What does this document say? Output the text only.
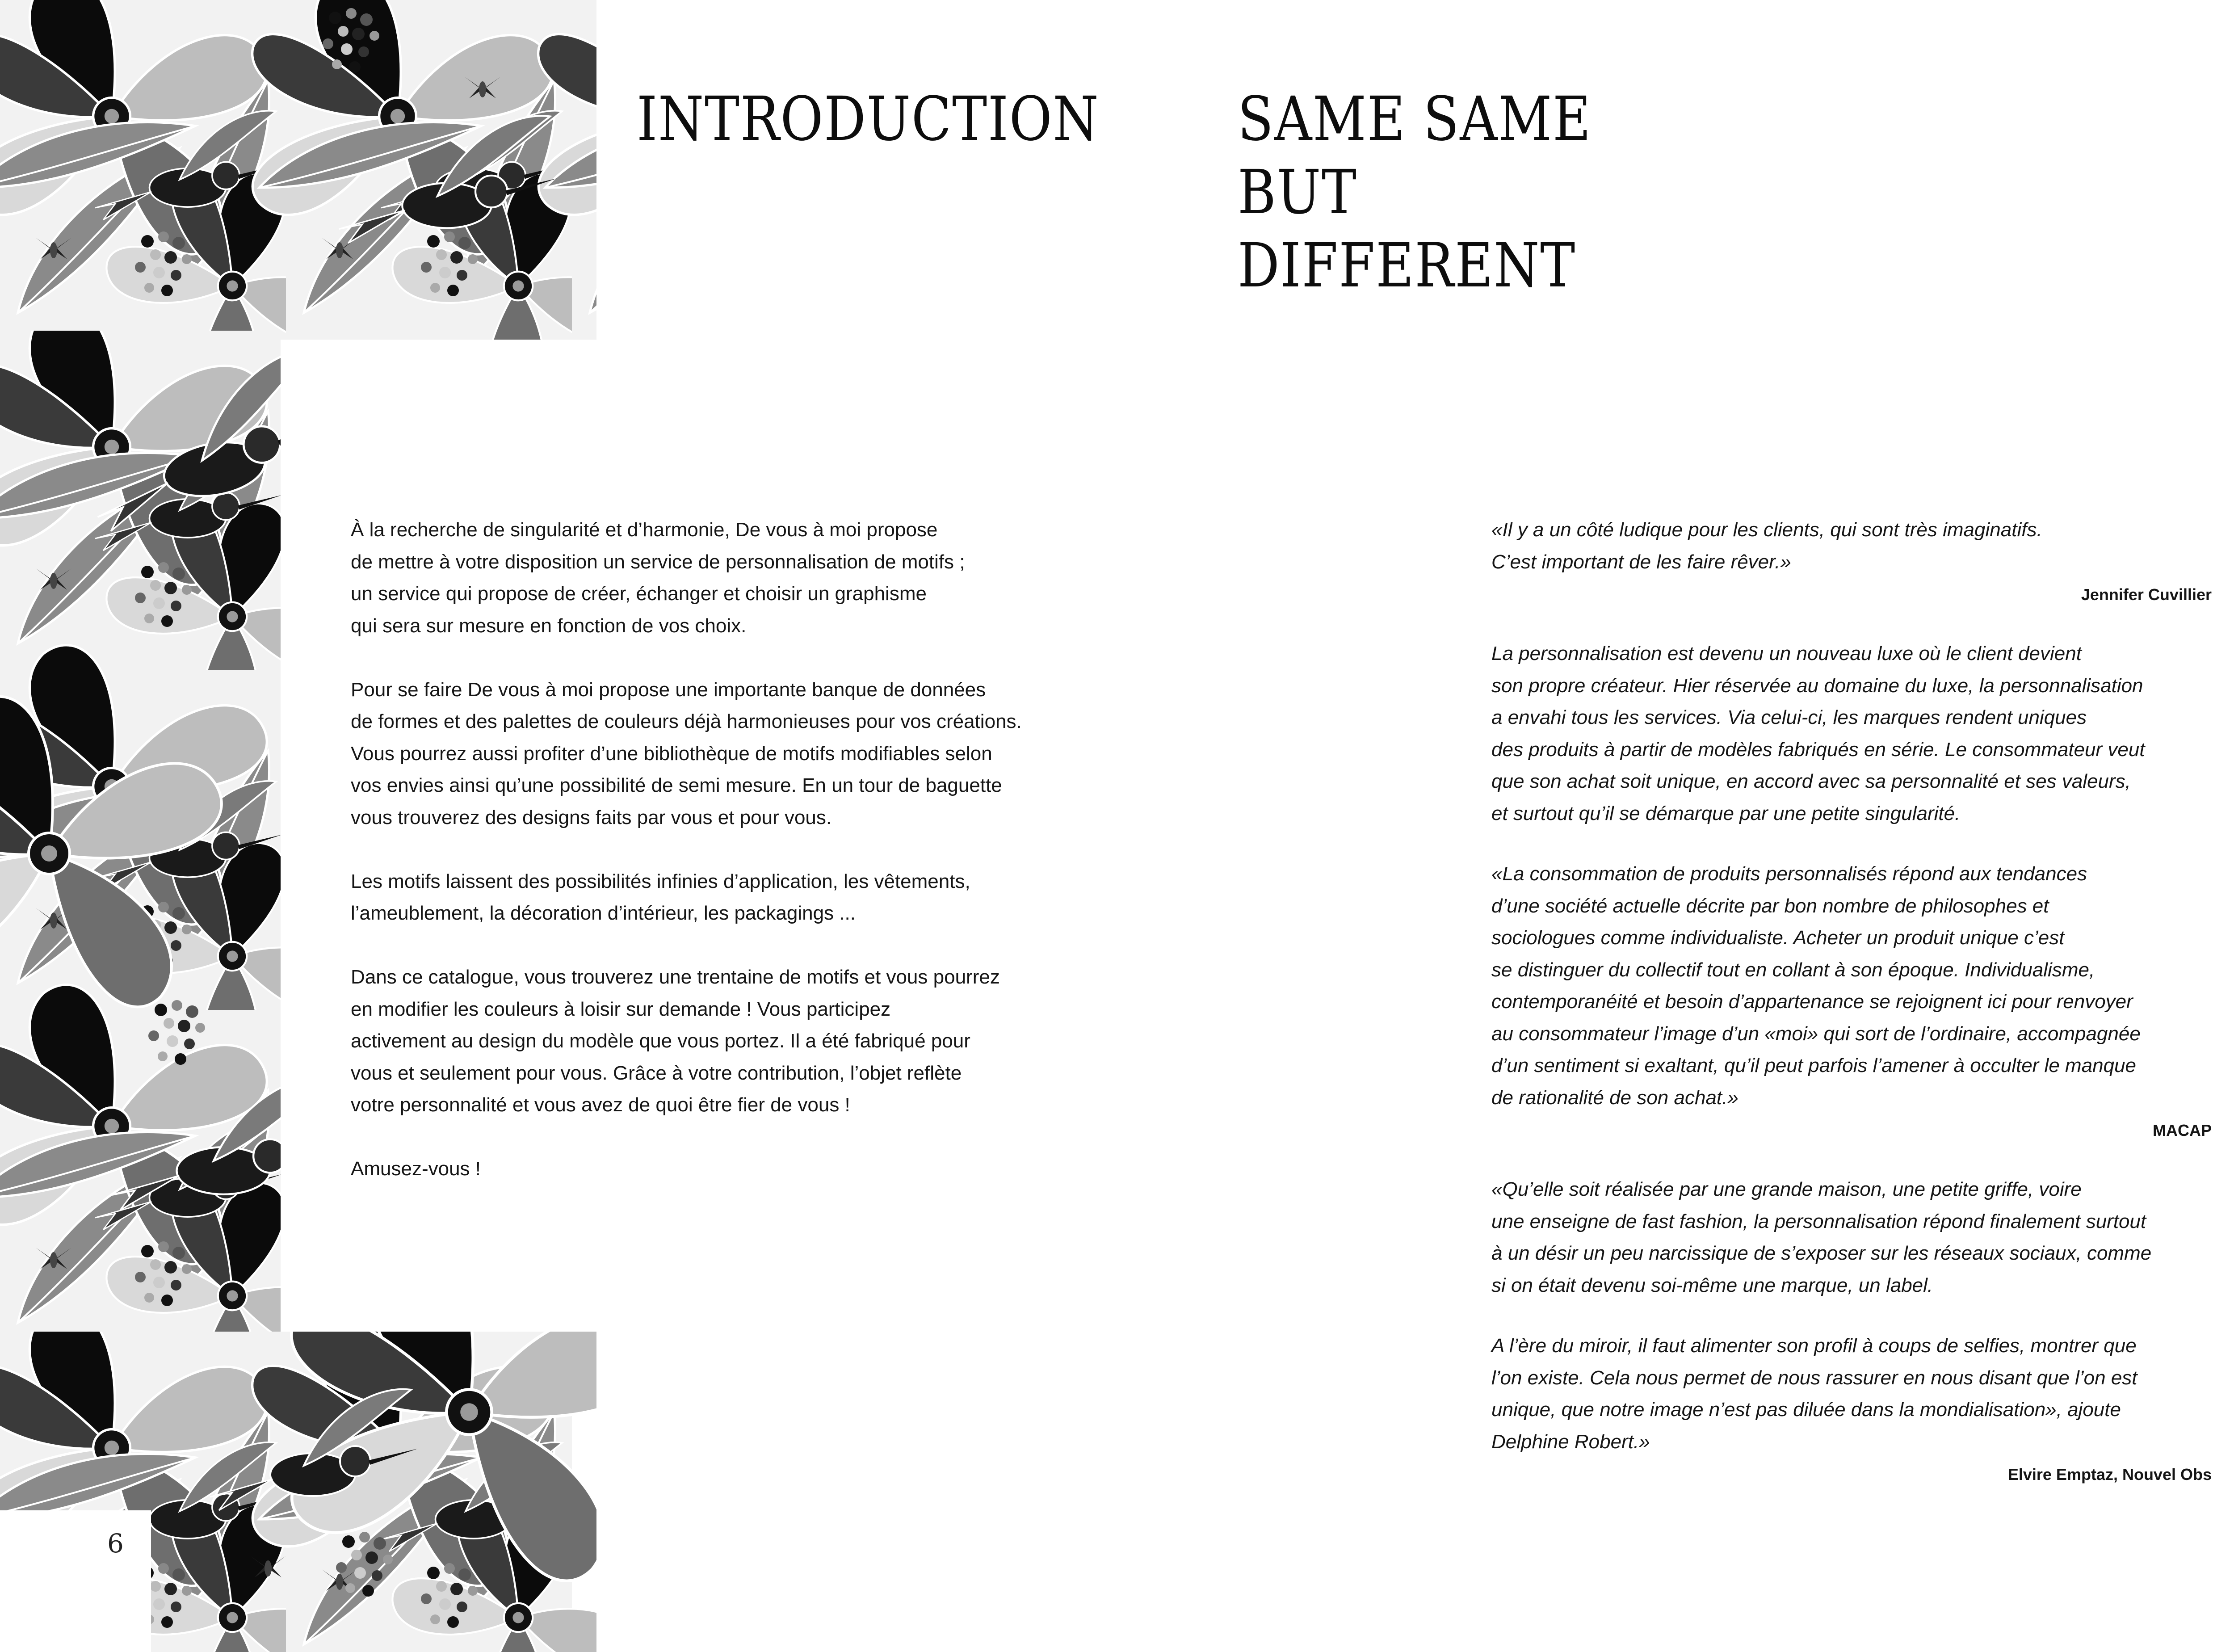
6
INTRODUCTION SAME SAME
BUT
DIFFERENT

À la recherche de singularité et d’harmonie, De vous à moi propose
de mettre à votre disposition un service de personnalisation de motifs ;
un service qui propose de créer, échanger et choisir un graphisme
qui sera sur mesure en fonction de vos choix.

Pour se faire De vous à moi propose une importante banque de données
de formes et des palettes de couleurs déjà harmonieuses pour vos créations.
Vous pourrez aussi profiter d’une bibliothèque de motifs modifiables selon
vos envies ainsi qu’une possibilité de semi mesure. En un tour de baguette
vous trouverez des designs faits par vous et pour vous.

Les motifs laissent des possibilités infinies d’application, les vêtements,
l’ameublement, la décoration d’intérieur, les packagings ...

Dans ce catalogue, vous trouverez une trentaine de motifs et vous pourrez
en modifier les couleurs à loisir sur demande ! Vous participez
activement au design du modèle que vous portez. Il a été fabriqué pour
vous et seulement pour vous. Grâce à votre contribution, l’objet reflète
votre personnalité et vous avez de quoi être fier de vous !

Amusez-vous !

«Il y a un côté ludique pour les clients, qui sont très imaginatifs.
C’est important de les faire rêver.»
Jennifer Cuvillier
La personnalisation est devenu un nouveau luxe où le client devient
son propre créateur. Hier réservée au domaine du luxe, la personnalisation
a envahi tous les services. Via celui-ci, les marques rendent uniques
des produits à partir de modèles fabriqués en série. Le consommateur veut
que son achat soit unique, en accord avec sa personnalité et ses valeurs,
et surtout qu’il se démarque par une petite singularité.
«La consommation de produits personnalisés répond aux tendances
d’une société actuelle décrite par bon nombre de philosophes et
sociologues comme individualiste. Acheter un produit unique c’est
se distinguer du collectif tout en collant à son époque. Individualisme,
contemporanéité et besoin d’appartenance se rejoignent ici pour renvoyer
au consommateur l’image d’un «moi» qui sort de l’ordinaire, accompagnée
d’un sentiment si exaltant, qu’il peut parfois l’amener à occulter le manque
de rationalité de son achat.»
MACAP
«Qu’elle soit réalisée par une grande maison, une petite griffe, voire
une enseigne de fast fashion, la personnalisation répond finalement surtout
à un désir un peu narcissique de s’exposer sur les réseaux sociaux, comme
si on était devenu soi-même une marque, un label.
A l’ère du miroir, il faut alimenter son profil à coups de selfies, montrer que
l’on existe. Cela nous permet de nous rassurer en nous disant que l’on est
unique, que notre image n’est pas diluée dans la mondialisation», ajoute
Delphine Robert.»
Elvire Emptaz, Nouvel Obs
